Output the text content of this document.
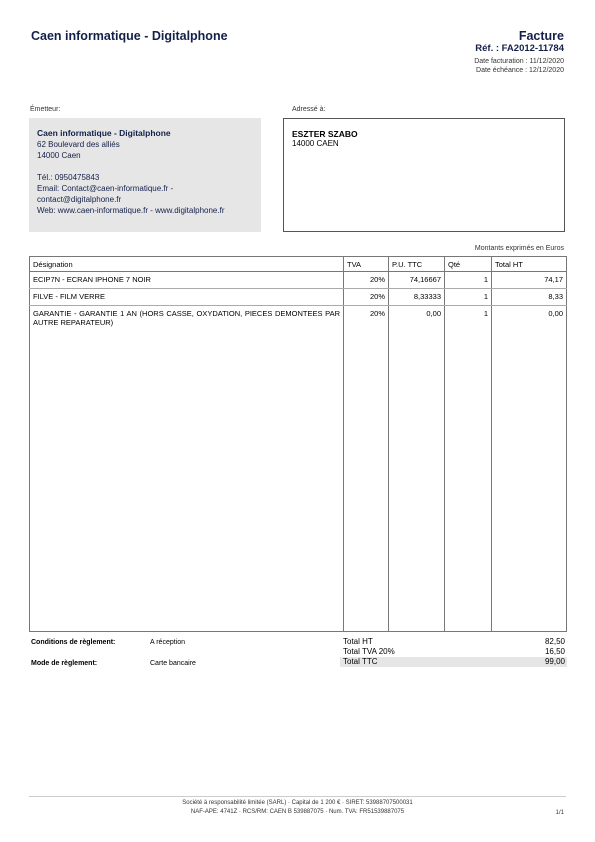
Caen informatique - Digitalphone	Facture
Réf. : FA2012-11784
Date facturation : 11/12/2020
Date échéance : 12/12/2020
Émetteur:
Caen informatique - Digitalphone
62 Boulevard des alliés
14000 Caen
Tél.: 0950475843
Email: Contact@caen-informatique.fr -
contact@digitalphone.fr
Web: www.caen-informatique.fr - www.digitalphone.fr
Adressé à:
ESZTER SZABO
14000 CAEN
Montants exprimés en Euros
Désignation	TVA	P.U. TTC	Qté	Total HT
ECIP7N - ECRAN IPHONE 7 NOIR	20%	74,16667	1	74,17
FILVE - FILM VERRE	20%	8,33333	1	8,33
GARANTIE - GARANTIE 1 AN (HORS CASSE, OXYDATION, PIECES DEMONTEES PAR AUTRE REPARATEUR)	20%	0,00	1	0,00
Conditions de règlement:	A réception
Mode de règlement:	Carte bancaire
Total HT	82,50
Total TVA 20%	16,50
Total TTC	99,00
Société à responsabilité limitée (SARL) · Capital de 1 200 € · SIRET: 53988707500031
NAF-APE: 4741Z · RCS/RM: CAEN B 539887075 · Num. TVA: FR51539887075	1/1
